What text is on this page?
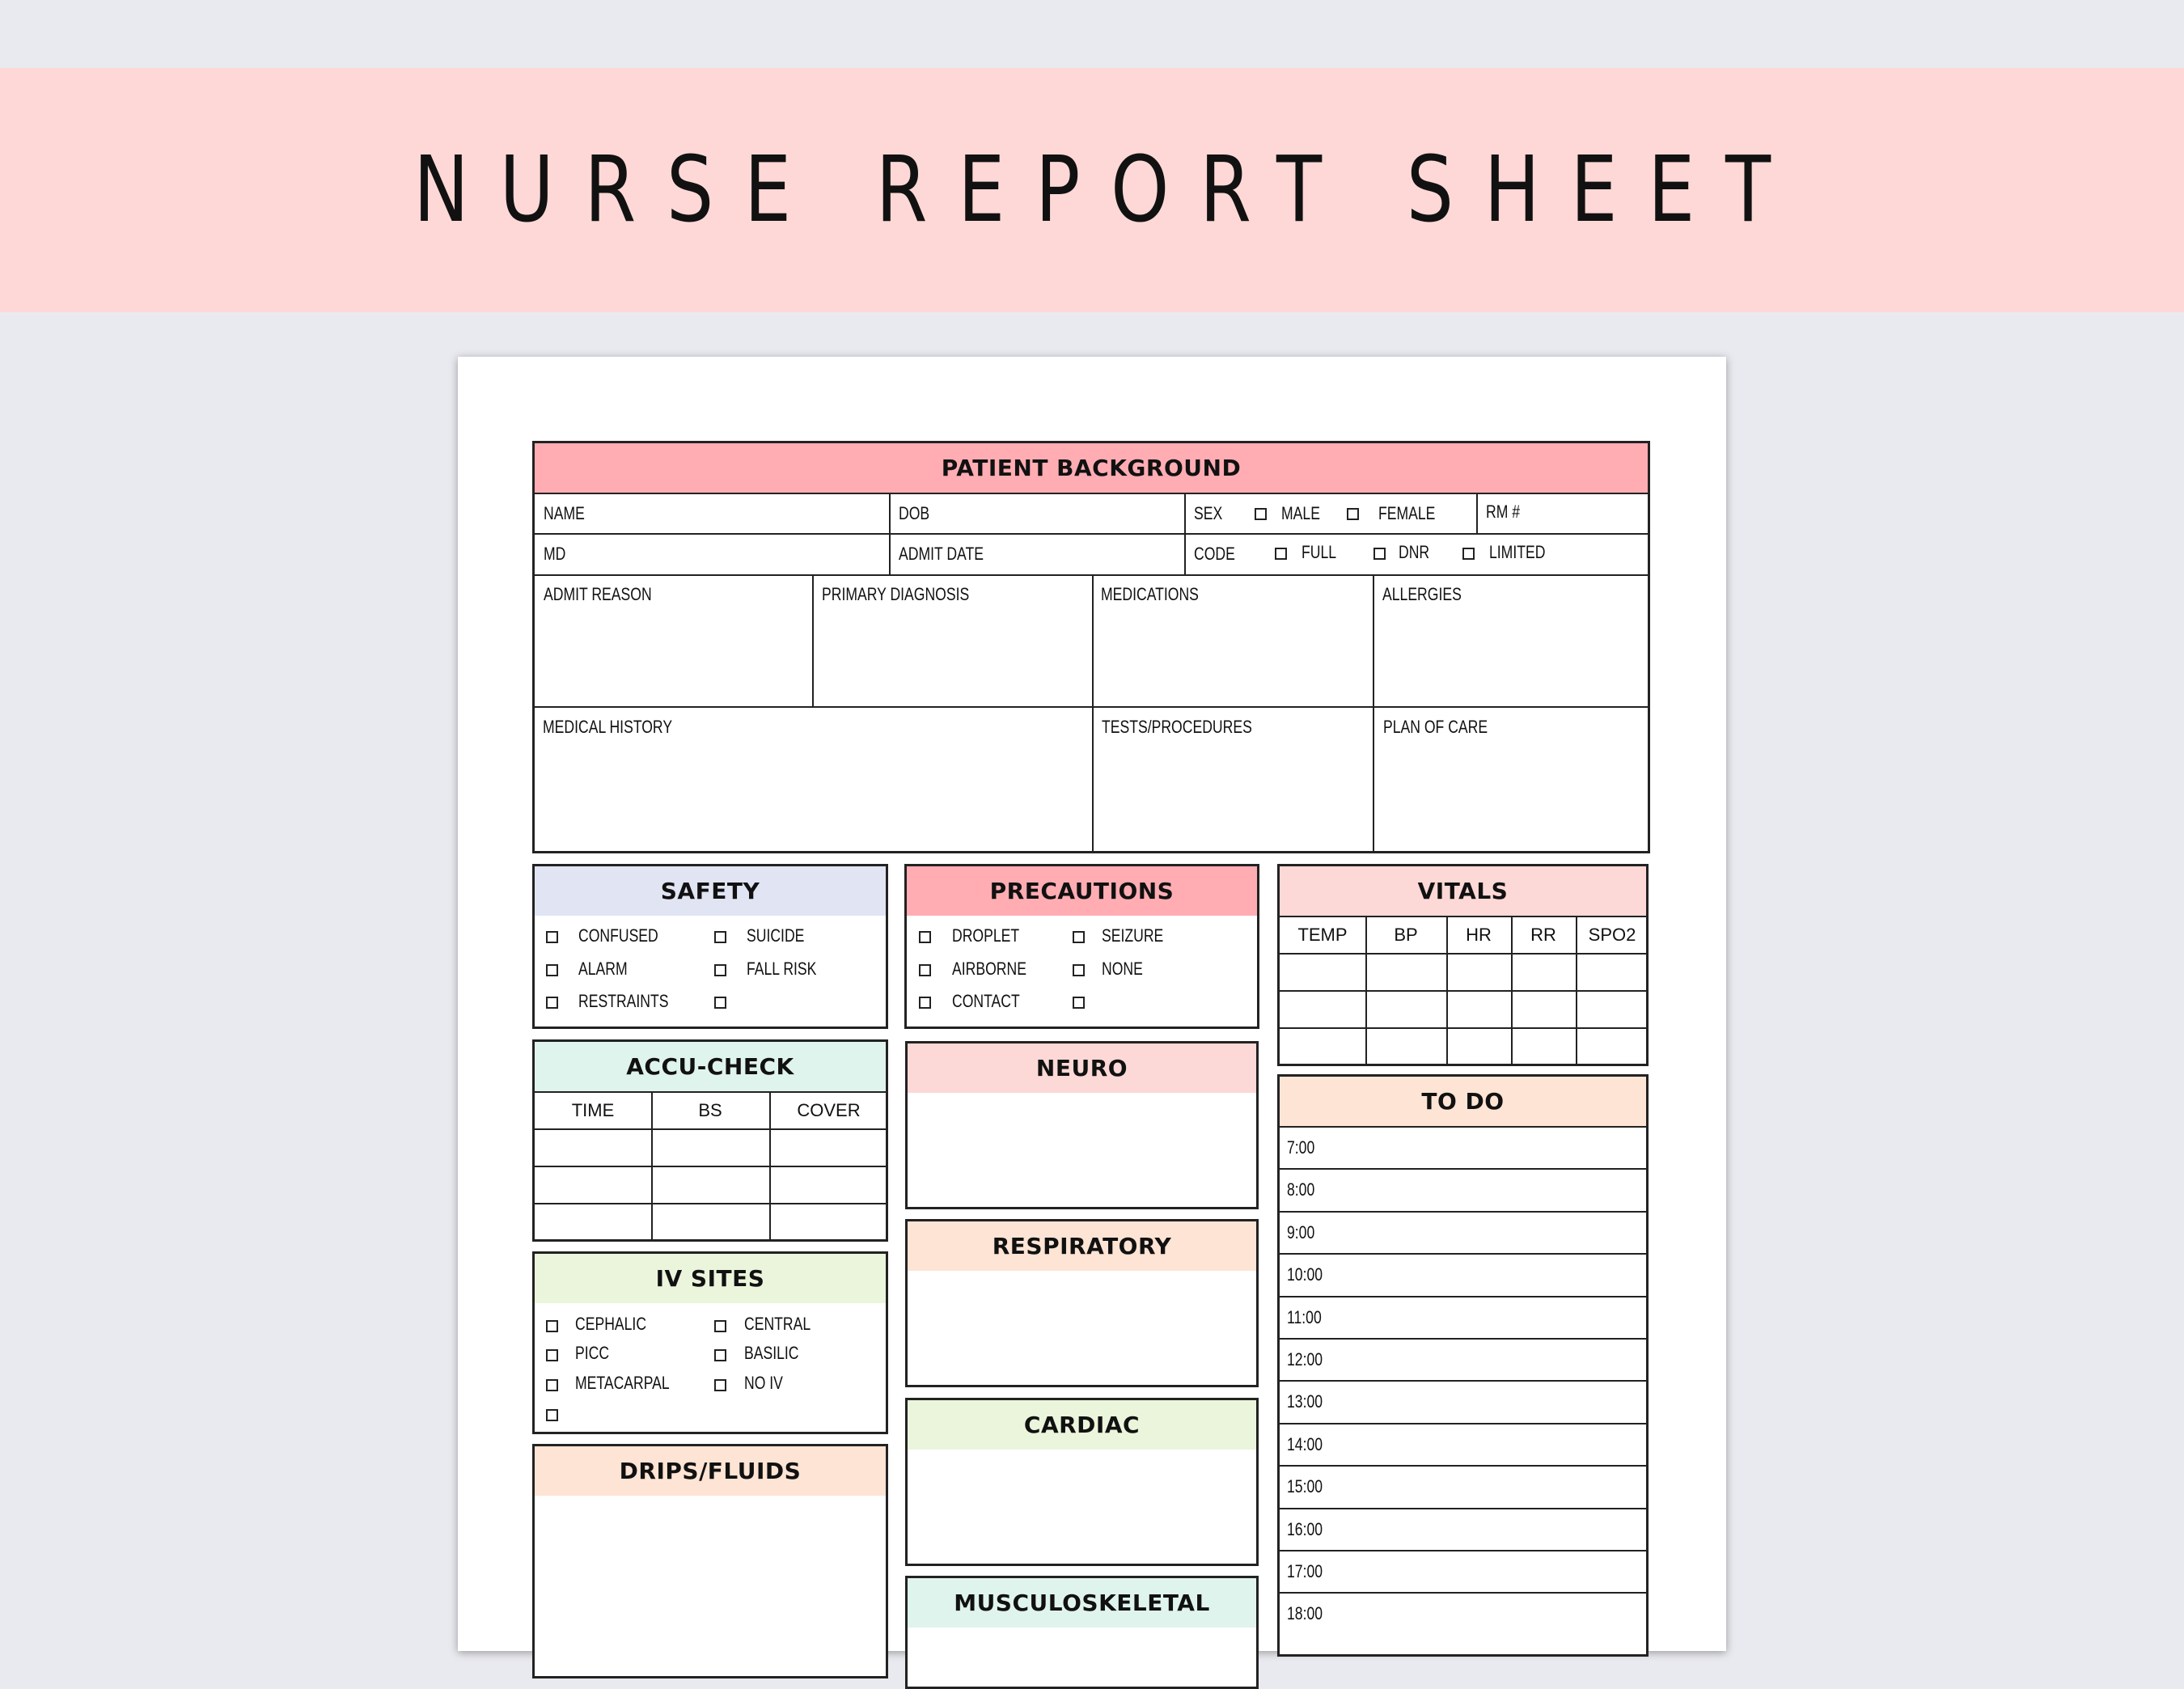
NURSE REPORT SHEET
PATIENT BACKGROUND
NAME	DOB	SEX	MALE	FEMALE	RM #
MD	ADMIT DATE	CODE	FULL	DNR	LIMITED
ADMIT REASON	PRIMARY DIAGNOSIS	MEDICATIONS	ALLERGIES
MEDICAL HISTORY	TESTS/PROCEDURES	PLAN OF CARE
SAFETY
CONFUSED	SUICIDE
ALARM	FALL RISK
RESTRAINTS
PRECAUTIONS
DROPLET	SEIZURE
AIRBORNE	NONE
CONTACT
VITALS
TEMP	BP	HR	RR	SPO2
ACCU-CHECK
TIME	BS	COVER
NEURO
TO DO
7:00
8:00
9:00
10:00
11:00
12:00
13:00
14:00
15:00
16:00
17:00
18:00
RESPIRATORY
IV SITES
CEPHALIC	CENTRAL
PICC	BASILIC
METACARPAL	NO IV
CARDIAC
DRIPS/FLUIDS
MUSCULOSKELETAL
